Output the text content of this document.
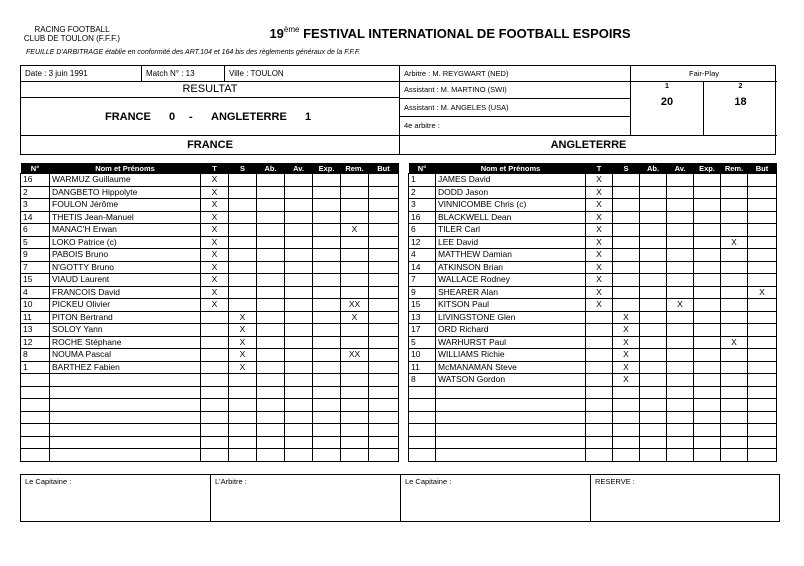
RACING FOOTBALL
CLUB DE TOULON (F.F.F.)	19ème FESTIVAL INTERNATIONAL DE FOOTBALL ESPOIRS
FEUILLE D'ARBITRAGE établie en conformité des ART.104 et 164 bis des règlements généraux de la F.F.F.
Date : 3 juin 1991	Match N° : 13	Ville : TOULON
RESULTAT
FRANCE 0 - ANGLETERRE 1
Arbitre : M. REYGWART (NED)
Assistant : M. MARTINO (SWI)
Assistant : M. ANGELES (USA)
4e arbitre :
Fair-Play
1
20
2
18
FRANCE	ANGLETERRE
N°	Nom et Prénoms	T	S	Ab.	Av.	Exp.	Rem.	But
16	WARMUZ Guillaume	X						
2	DANGBETO Hippolyte	X						
3	FOULON Jérôme	X						
14	THETIS Jean-Manuel	X						
6	MANAC'H Erwan	X					X	
5	LOKO Patrice (c)	X						
9	PABOIS Bruno	X						
7	N'GOTTY Bruno	X						
15	VIAUD Laurent	X						
4	FRANCOIS David	X						
10	PICKEU Olivier	X					XX	
11	PITON Bertrand		X				X	
13	SOLOY Yann		X					
12	ROCHE Stéphane		X					
8	NOUMA Pascal		X				XX	
1	BARTHEZ Fabien		X					

N°	Nom et Prénoms	T	S	Ab.	Av.	Exp.	Rem.	But
1	JAMES David	X						
2	DODD Jason	X						
3	VINNICOMBE Chris (c)	X						
16	BLACKWELL Dean	X						
6	TILER Carl	X						
12	LEE David	X					X	
4	MATTHEW Damian	X						
14	ATKINSON Brian	X						
7	WALLACE Rodney	X						
9	SHEARER Alan	X						X
15	KITSON Paul	X			X			
13	LIVINGSTONE Glen		X					
17	ORD Richard		X					
5	WARHURST Paul		X				X	
10	WILLIAMS Richie		X					
11	McMANAMAN Steve		X					
8	WATSON Gordon		X					

Le Capitaine :	L'Arbitre :	Le Capitaine :	RESERVE :
